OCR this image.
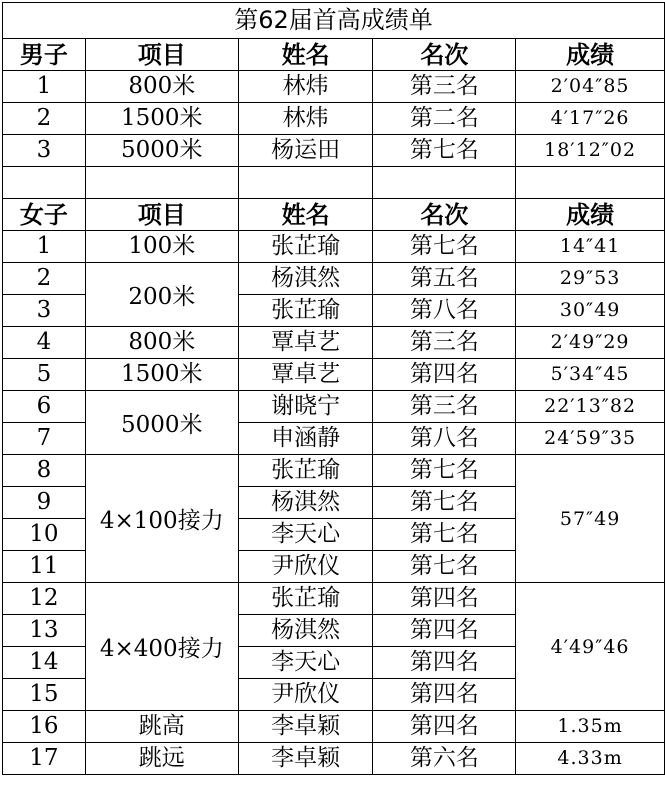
第62届首高成绩单				
男子	项目	姓名	名次	成绩
1	800米	林炜	第三名	2′04″85
2	1500米	林炜	第二名	4′17″26
3	5000米	杨运田	第七名	18′12″02

女子	项目	姓名	名次	成绩
1	100米	张芷瑜	第七名	14″41
2	200米	杨淇然	第五名	29″53
3		张芷瑜	第八名	30″49
4	800米	覃卓艺	第三名	2′49″29
5	1500米	覃卓艺	第四名	5′34″45
6	5000米	谢晓宁	第三名	22′13″82
7		申涵静	第八名	24′59″35
8	4×100接力	张芷瑜	第七名	57″49
9		杨淇然	第七名	
10		李天心	第七名	
11		尹欣仪	第七名	
12	4×400接力	张芷瑜	第四名	4′49″46
13		杨淇然	第四名	
14		李天心	第四名	
15		尹欣仪	第四名	
16	跳高	李卓颖	第四名	1.35m
17	跳远	李卓颖	第六名	4.33m
